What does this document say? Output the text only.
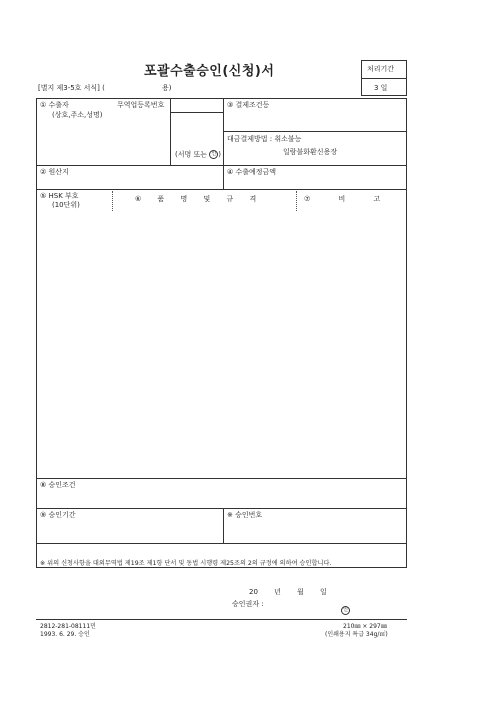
포괄수출승인(신청)서	처리기간
3 일
[별지 제3-5호 서식] (	용)
① 수출자
(상호,주소,성명)
무역업등록번호
(서명 또는 인 )
③ 결제조건등
대금결제방법 : 취소불능
일람불화환신용장
② 원산지	④ 수출예정금액
⑤ HSK 부호
(10단위)
⑥ 품 명 및 규 격	⑦ 비 고
⑧ 승인조건
⑨ 승인기간	※ 승인번호
※ 위의 신청사항을 대외무역법 제19조 제1항 단서 및 동법 시행령 제25조의 2의 규정에 의하여 승인합니다.
20 년 월 일
승인권자 :
인
2812-281-08111민
1993. 6. 29. 승인
210㎜ × 297㎜
(인쇄용지 특급 34g/㎡)
